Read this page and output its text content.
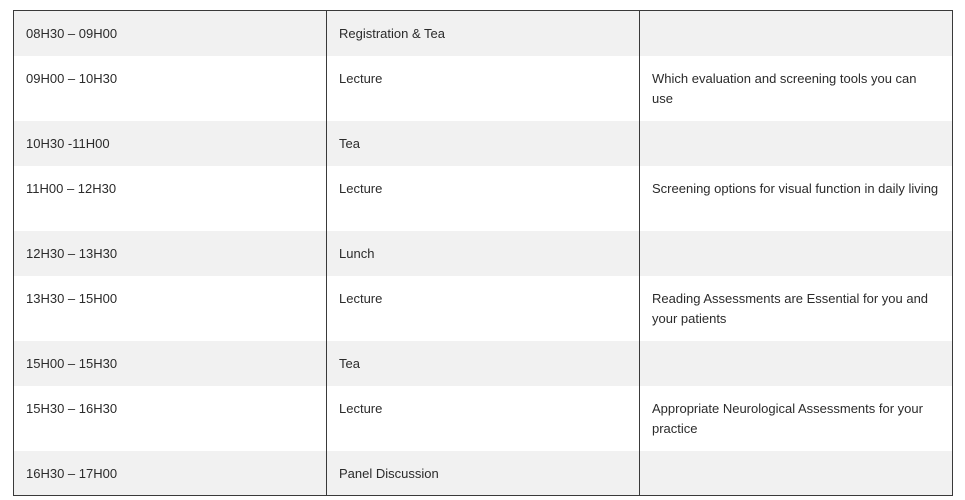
08H30 – 09H00	Registration & Tea	
09H00 – 10H30	Lecture	Which evaluation and screening tools you can use
10H30 -11H00	Tea	
11H00 – 12H30	Lecture	Screening options for visual function in daily living
12H30 – 13H30	Lunch	
13H30 – 15H00	Lecture	Reading Assessments are Essential for you and your patients
15H00 – 15H30	Tea	
15H30 – 16H30	Lecture	Appropriate Neurological Assessments for your practice
16H30 – 17H00	Panel Discussion	
